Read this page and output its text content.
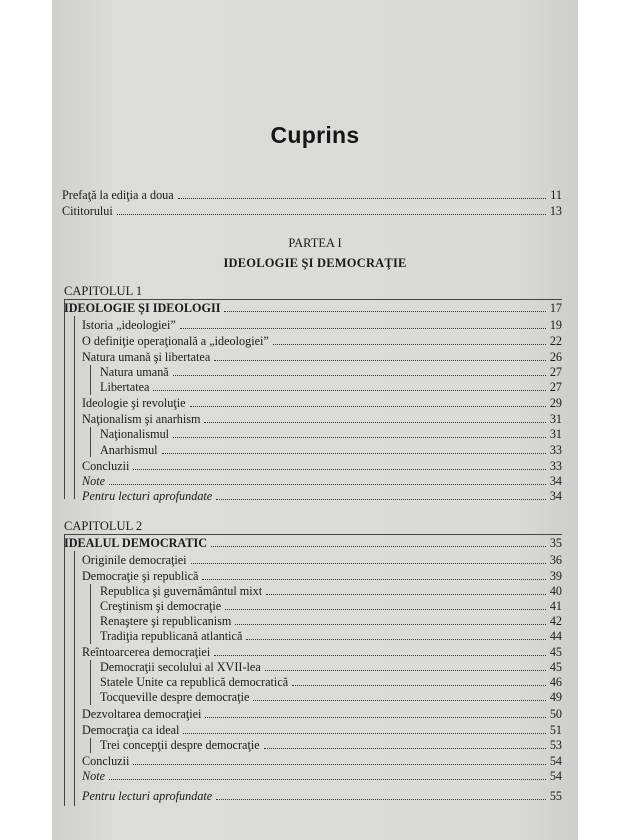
Cuprins
Prefaţă la ediţia a doua	11
Cititorului	13
PARTEA I
IDEOLOGIE ŞI DEMOCRAŢIE
CAPITOLUL 1
IDEOLOGIE ŞI IDEOLOGII	17
Istoria „ideologiei”	19
O definiţie operaţională a „ideologiei”	22
Natura umană şi libertatea	26
Natura umană	27
Libertatea	27
Ideologie şi revoluţie	29
Naţionalism şi anarhism	31
Naţionalismul	31
Anarhismul	33
Concluzii	33
Note	34
Pentru lecturi aprofundate	34
CAPITOLUL 2
IDEALUL DEMOCRATIC	35
Originile democraţiei	36
Democraţie şi republică	39
Republica şi guvernământul mixt	40
Creştinism şi democraţie	41
Renaştere şi republicanism	42
Tradiţia republicană atlantică	44
Reîntoarcerea democraţiei	45
Democraţii secolului al XVII-lea	45
Statele Unite ca republică democratică	46
Tocqueville despre democraţie	49
Dezvoltarea democraţiei	50
Democraţia ca ideal	51
Trei concepţii despre democraţie	53
Concluzii	54
Note	54
Pentru lecturi aprofundate	55
